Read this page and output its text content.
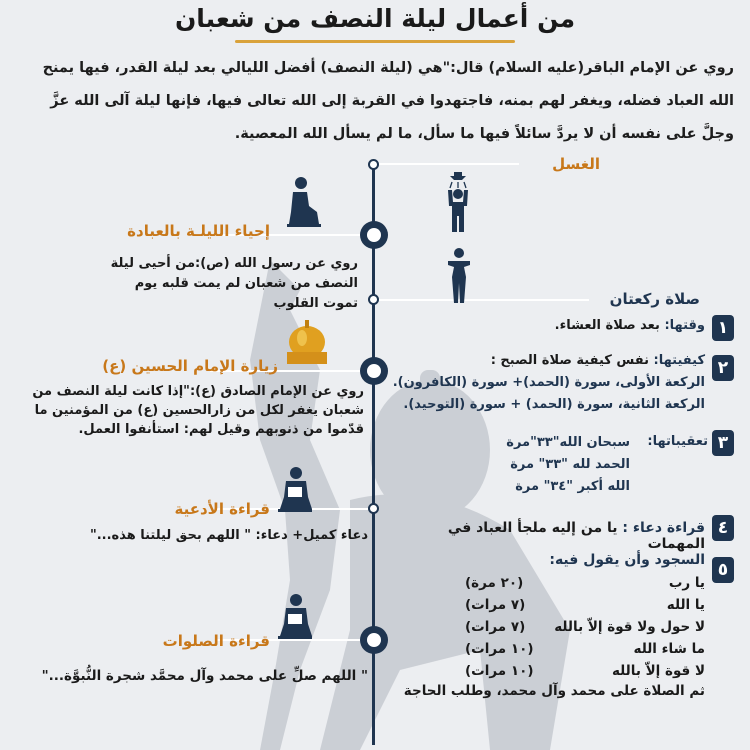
من أعمال ليلة النصف من شعبان
روي عن الإمام الباقر(عليه السلام) قال:"هي (ليلة النصف) أفضل الليالي بعد ليلة القدر، فيها يمنح الله العباد فضله، ويغفر لهم بمنه، فاجتهدوا في القربة إلى الله تعالى فيها، فإنها ليلة آلى الله عزَّ وجلَّ على نفسه أن لا يردَّ سائلاً فيها ما سأل، ما لم يسأل الله المعصية.
إحياء الليلـة بالعبادة
روي عن رسول الله (ص):من أحيى ليلة النصف من شعبان لم يمت قلبه يوم تموت القلوب
زيارة الإمام الحسين (ع)
روي عن الإمام الصادق (ع):"إذا كانت ليلة النصف من شعبان يغفر لكل من زارالحسين (ع) من المؤمنين ما قدّموا من ذنوبهم وقيل لهم: استأنفوا العمل.
قراءة الأدعية
دعاء كميل+ دعاء: " اللهم بحق ليلتنا هذه..."
قراءة الصلوات
" اللهم صلِّ على محمد وآل محمَّد شجرة النُّبوَّة..."
الغسل
صلاة ركعتان
١
وقتها: بعد صلاة العشاء.
٢
كيفيتها: نفس كيفية صلاة الصبح :
الركعة الأولى، سورة (الحمد)+ سورة (الكافرون).
الركعة الثانية، سورة (الحمد) + سورة (التوحيد).
٣
تعقيباتها:
سبحان الله"٣٣"مرة
الحمد لله "٣٣" مرة
الله أكبر "٣٤" مرة
٤
قراءة دعاء : يا من إليه ملجأ العباد في المهمات
٥
السجود وأن يقول فيه:
يا رب
(٢٠ مرة)
يا الله
(٧ مرات)
لا حول ولا قوة إلاّ بالله
(٧ مرات)
ما شاء الله
(١٠ مرات)
لا قوة إلاّ بالله
(١٠ مرات)
ثم الصلاة على محمد وآل محمد، وطلب الحاجة
